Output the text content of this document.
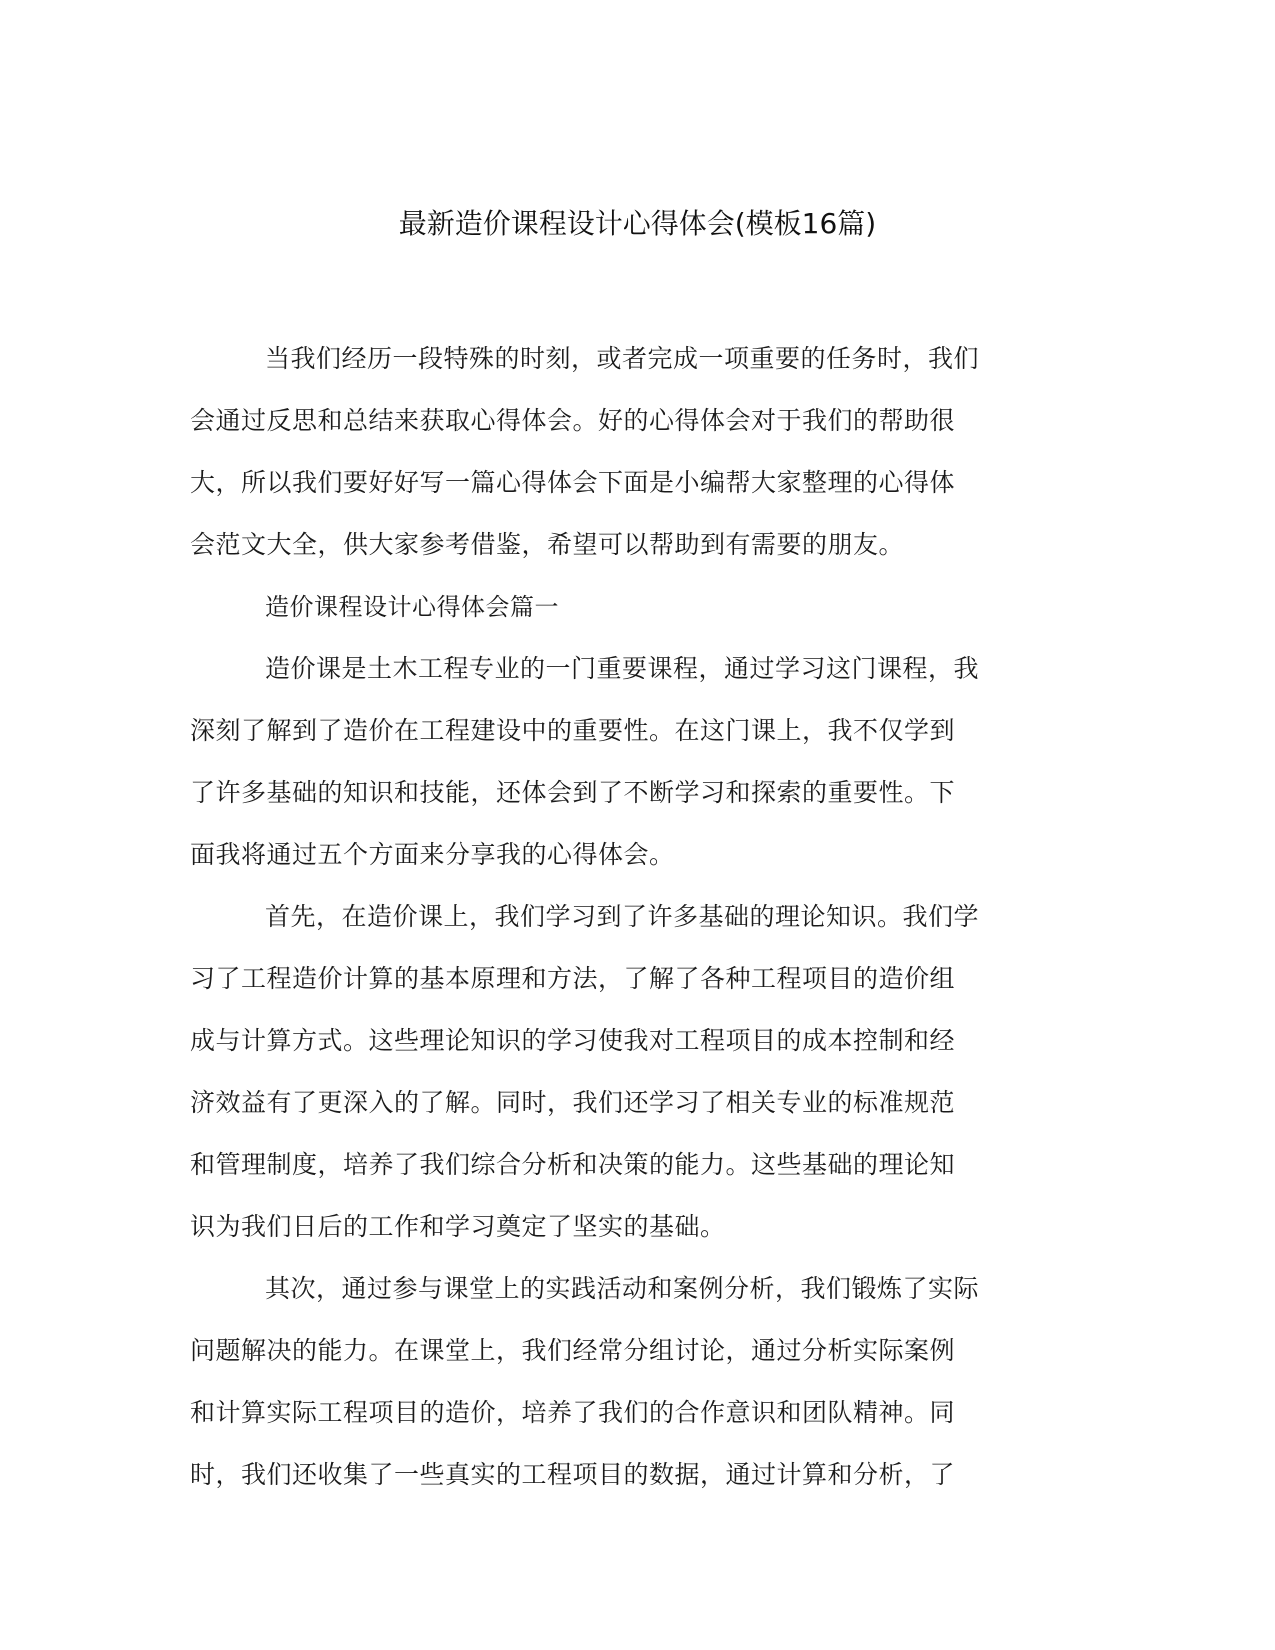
最新造价课程设计心得体会(模板16篇)

当我们经历一段特殊的时刻，或者完成一项重要的任务时，我们
会通过反思和总结来获取心得体会。好的心得体会对于我们的帮助很
大，所以我们要好好写一篇心得体会下面是小编帮大家整理的心得体
会范文大全，供大家参考借鉴，希望可以帮助到有需要的朋友。

造价课程设计心得体会篇一

造价课是土木工程专业的一门重要课程，通过学习这门课程，我
深刻了解到了造价在工程建设中的重要性。在这门课上，我不仅学到
了许多基础的知识和技能，还体会到了不断学习和探索的重要性。下
面我将通过五个方面来分享我的心得体会。

首先，在造价课上，我们学习到了许多基础的理论知识。我们学
习了工程造价计算的基本原理和方法，了解了各种工程项目的造价组
成与计算方式。这些理论知识的学习使我对工程项目的成本控制和经
济效益有了更深入的了解。同时，我们还学习了相关专业的标准规范
和管理制度，培养了我们综合分析和决策的能力。这些基础的理论知
识为我们日后的工作和学习奠定了坚实的基础。

其次，通过参与课堂上的实践活动和案例分析，我们锻炼了实际
问题解决的能力。在课堂上，我们经常分组讨论，通过分析实际案例
和计算实际工程项目的造价，培养了我们的合作意识和团队精神。同
时，我们还收集了一些真实的工程项目的数据，通过计算和分析，了
